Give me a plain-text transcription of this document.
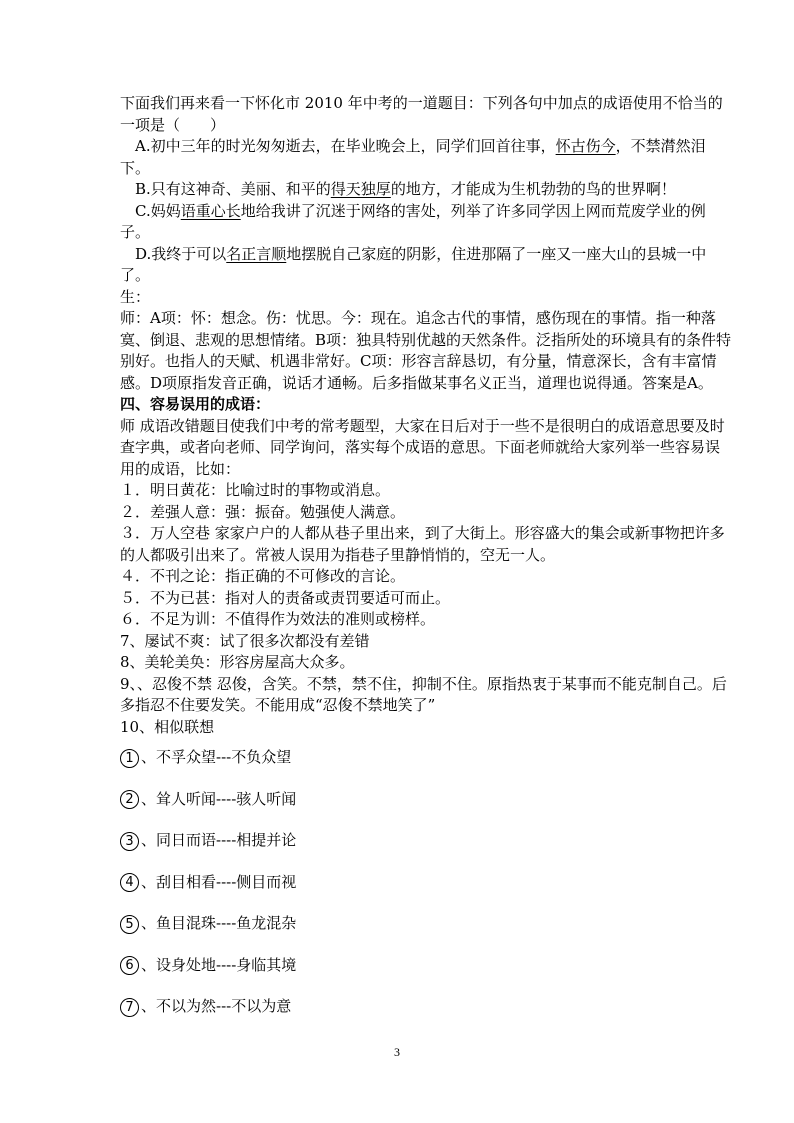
下面我们再来看一下怀化市 2010 年中考的一道题目：下列各句中加点的成语使用不恰当的一项是（　　）

A.初中三年的时光匆匆逝去，在毕业晚会上，同学们回首往事，怀古伤今，不禁潸然泪下。

B.只有这神奇、美丽、和平的得天独厚的地方，才能成为生机勃勃的鸟的世界啊！

C.妈妈语重心长地给我讲了沉迷于网络的害处，列举了许多同学因上网而荒废学业的例子。

D.我终于可以名正言顺地摆脱自己家庭的阴影，住进那隔了一座又一座大山的县城一中了。

生：

师：A项：怀：想念。伤：忧思。今：现在。追念古代的事情，感伤现在的事情。指一种落寞、倒退、悲观的思想情绪。B项：独具特别优越的天然条件。泛指所处的环境具有的条件特别好。也指人的天赋、机遇非常好。C项：形容言辞恳切，有分量，情意深长，含有丰富情感。D项原指发音正确，说话才通畅。后多指做某事名义正当，道理也说得通。答案是A。

四、容易误用的成语：

师 成语改错题目使我们中考的常考题型，大家在日后对于一些不是很明白的成语意思要及时查字典，或者向老师、同学询问，落实每个成语的意思。下面老师就给大家列举一些容易误用的成语，比如：

１．明日黄花：比喻过时的事物或消息。

２．差强人意：强：振奋。勉强使人满意。

３．万人空巷 家家户户的人都从巷子里出来，到了大街上。形容盛大的集会或新事物把许多的人都吸引出来了。常被人误用为指巷子里静悄悄的，空无一人。

４．不刊之论：指正确的不可修改的言论。

５．不为已甚：指对人的责备或责罚要适可而止。

６．不足为训：不值得作为效法的准则或榜样。

7、屡试不爽：试了很多次都没有差错

8、美轮美奂：形容房屋高大众多。

9、、忍俊不禁 忍俊，含笑。不禁，禁不住，抑制不住。原指热衷于某事而不能克制自己。后多指忍不住要发笑。不能用成“忍俊不禁地笑了”

10、相似联想

1 、不孚众望---不负众望

2 、耸人听闻----骇人听闻

3 、同日而语----相提并论

4 、刮目相看----侧目而视

5 、鱼目混珠----鱼龙混杂

6 、设身处地----身临其境

7 、不以为然---不以为意

3
